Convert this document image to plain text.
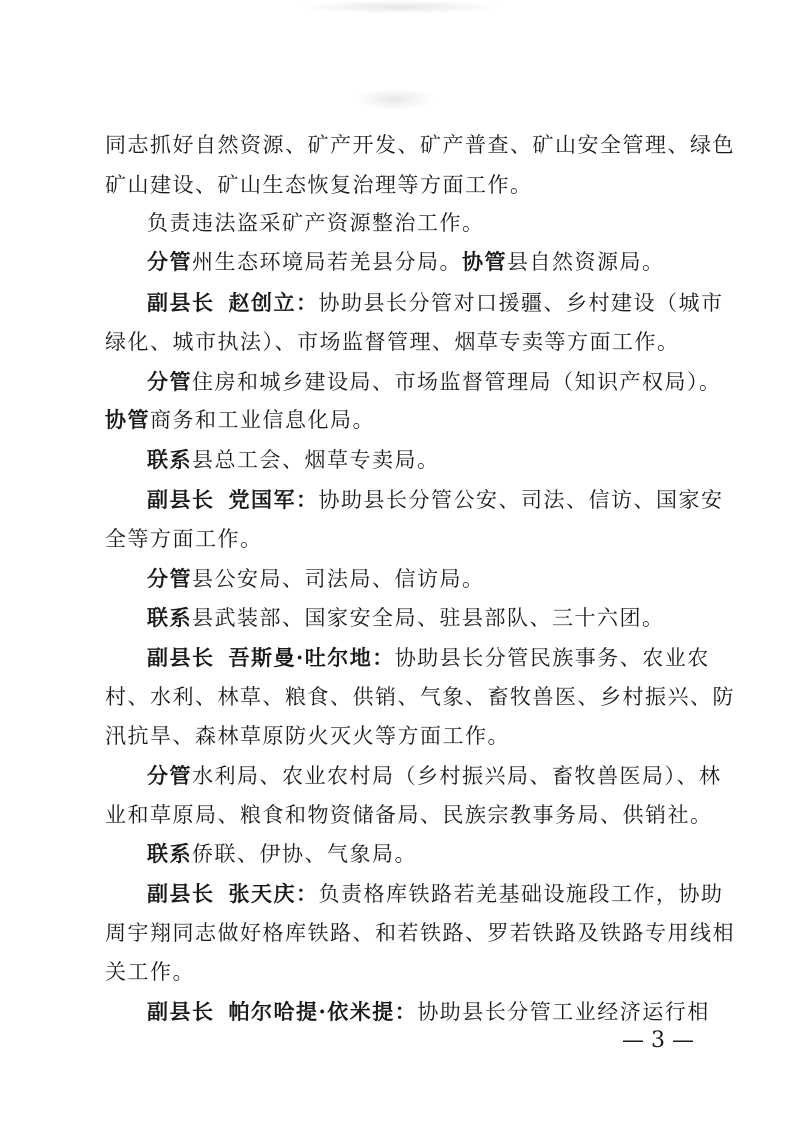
同志抓好自然资源、矿产开发、矿产普查、矿山安全管理、绿色
矿山建设、矿山生态恢复治理等方面工作。
负责违法盗采矿产资源整治工作。
分管州生态环境局若羌县分局。协管县自然资源局。
副县长 赵创立：协助县长分管对口援疆、乡村建设（城市
绿化、城市执法）、市场监督管理、烟草专卖等方面工作。
分管住房和城乡建设局、市场监督管理局（知识产权局）。
协管商务和工业信息化局。
联系县总工会、烟草专卖局。
副县长 党国军：协助县长分管公安、司法、信访、国家安
全等方面工作。
分管县公安局、司法局、信访局。
联系县武装部、国家安全局、驻县部队、三十六团。
副县长 吾斯曼·吐尔地：协助县长分管民族事务、农业农
村、水利、林草、粮食、供销、气象、畜牧兽医、乡村振兴、防
汛抗旱、森林草原防火灭火等方面工作。
分管水利局、农业农村局（乡村振兴局、畜牧兽医局）、林
业和草原局、粮食和物资储备局、民族宗教事务局、供销社。
联系侨联、伊协、气象局。
副县长 张天庆：负责格库铁路若羌基础设施段工作，协助
周宇翔同志做好格库铁路、和若铁路、罗若铁路及铁路专用线相
关工作。
副县长 帕尔哈提·依米提：协助县长分管工业经济运行相
— 3 —
